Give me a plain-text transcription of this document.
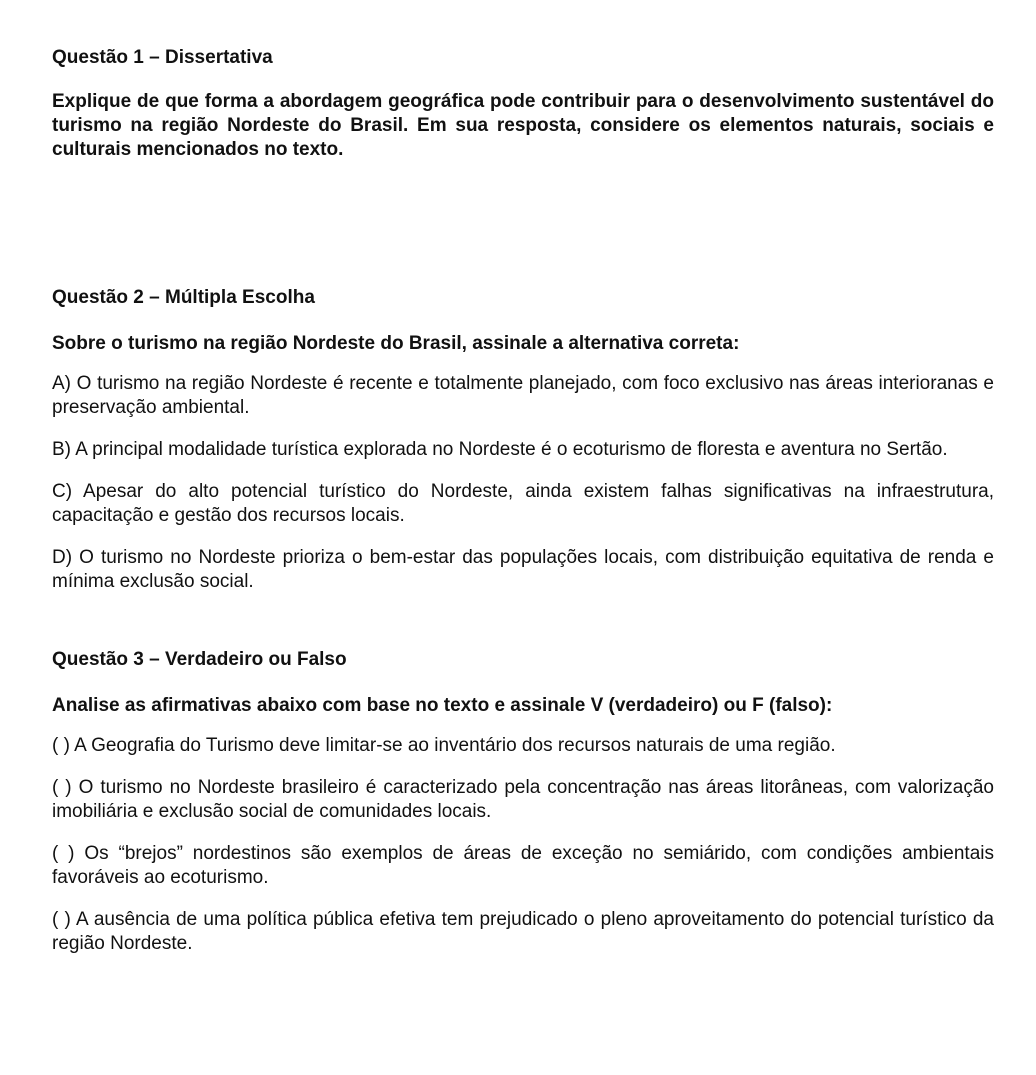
Questão 1 – Dissertativa

Explique de que forma a abordagem geográfica pode contribuir para o desenvolvimento sustentável do turismo na região Nordeste do Brasil. Em sua resposta, considere os elementos naturais, sociais e culturais mencionados no texto.

Questão 2 – Múltipla Escolha

Sobre o turismo na região Nordeste do Brasil, assinale a alternativa correta:

A) O turismo na região Nordeste é recente e totalmente planejado, com foco exclusivo nas áreas interioranas e preservação ambiental.

B) A principal modalidade turística explorada no Nordeste é o ecoturismo de floresta e aventura no Sertão.

C) Apesar do alto potencial turístico do Nordeste, ainda existem falhas significativas na infraestrutura, capacitação e gestão dos recursos locais.

D) O turismo no Nordeste prioriza o bem-estar das populações locais, com distribuição equitativa de renda e mínima exclusão social.

Questão 3 – Verdadeiro ou Falso

Analise as afirmativas abaixo com base no texto e assinale V (verdadeiro) ou F (falso):

( ) A Geografia do Turismo deve limitar-se ao inventário dos recursos naturais de uma região.

( ) O turismo no Nordeste brasileiro é caracterizado pela concentração nas áreas litorâneas, com valorização imobiliária e exclusão social de comunidades locais.

( ) Os “brejos” nordestinos são exemplos de áreas de exceção no semiárido, com condições ambientais favoráveis ao ecoturismo.

( ) A ausência de uma política pública efetiva tem prejudicado o pleno aproveitamento do potencial turístico da região Nordeste.
